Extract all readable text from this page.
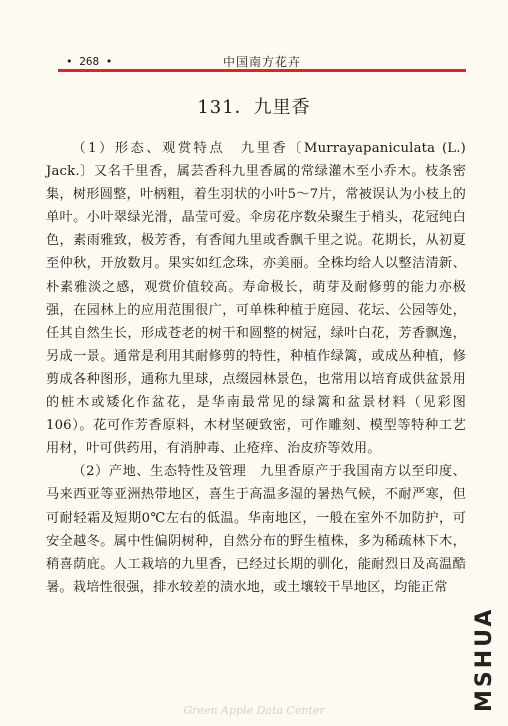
• 268 •	中国南方花卉
131．九里香

（1）形态、观赏特点　九里香〔Murrayapaniculata (L.) Jack.〕又名千里香，属芸香科九里香属的常绿灌木至小乔木。枝条密集，树形圆整，叶柄粗，着生羽状的小叶5～7片，常被误认为小枝上的单叶。小叶翠绿光滑，晶莹可爱。伞房花序数朵聚生于梢头，花冠纯白色，素雨雅致，极芳香，有香闻九里或香飘千里之说。花期长，从初夏至仲秋，开放数月。果实如红念珠，亦美丽。全株均给人以整洁清新、朴素雅淡之感，观赏价值较高。寿命极长，萌芽及耐修剪的能力亦极强，在园林上的应用范围很广，可单株种植于庭园、花坛、公园等处，任其自然生长，形成苍老的树干和圆整的树冠，绿叶白花，芳香飘逸，另成一景。通常是利用其耐修剪的特性，种植作绿篱，或成丛种植，修剪成各种图形，通称九里球，点缀园林景色，也常用以培育成供盆景用的桩木或矮化作盆花，是华南最常见的绿篱和盆景材料（见彩图106）。花可作芳香原料，木材坚硬致密，可作雕刻、模型等特种工艺用材，叶可供药用，有消肿毒、止疮痒、治皮疥等效用。

（2）产地、生态特性及管理　九里香原产于我国南方以至印度、马来西亚等亚洲热带地区，喜生于高温多湿的暑热气候，不耐严寒，但可耐轻霜及短期0℃左右的低温。华南地区，一般在室外不加防护，可安全越冬。属中性偏阴树种，自然分布的野生植株，多为稀疏林下木，稍喜荫庇。人工栽培的九里香，已经过长期的驯化，能耐烈日及高温酷暑。栽培性很强，排水较差的渍水地，或土壤较干旱地区，均能正常

Green Apple Data Center	MSHUA
